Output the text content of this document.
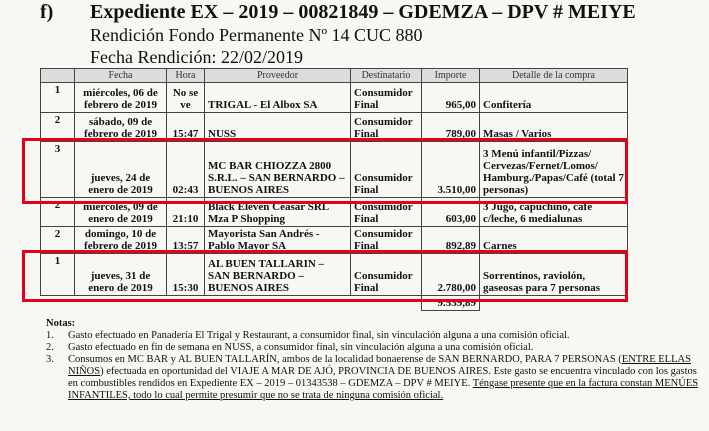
f) Expediente EX – 2019 – 00821849 – GDEMZA – DPV # MEIYE
Rendición Fondo Permanente Nº 14 CUC 880
Fecha Rendición: 22/02/2019
	Fecha	Hora	Proveedor	Destinatario	Importe	Detalle de la compra
1	miércoles, 06 de febrero de 2019	No se ve	TRIGAL - El Albox SA	Consumidor Final	965,00	Confitería
2	sábado, 09 de febrero de 2019	15:47	NUSS	Consumidor Final	789,00	Masas / Varios
3	jueves, 24 de enero de 2019	02:43	MC BAR CHIOZZA 2800 S.R.L. – SAN BERNARDO – BUENOS AIRES	Consumidor Final	3.510,00	3 Menú infantil/Pizzas/ Cervezas/Fernet/Lomos/ Hamburg./Papas/Café (total 7 personas)
2	miércoles, 09 de enero de 2019	21:10	Black Eleven Ceasar SRL Mza P Shopping	Consumidor Final	603,00	3 Jugo, capuchino, café c/leche, 6 medialunas
2	domingo, 10 de febrero de 2019	13:57	Mayorista San Andrés - Pablo Mayor SA	Consumidor Final	892,89	Carnes
1	jueves, 31 de enero de 2019	15:30	AL BUEN TALLARIN – SAN BERNARDO – BUENOS AIRES	Consumidor Final	2.780,00	Sorrentinos, raviolón, gaseosas para 7 personas
					9.539,89	
Notas:
1.	Gasto efectuado en Panadería El Trigal y Restaurant, a consumidor final, sin vinculación alguna a una comisión oficial.
2.	Gasto efectuado en fin de semana en NUSS, a consumidor final, sin vinculación alguna a una comisión oficial.
3.	Consumos en MC BAR y AL BUEN TALLARÍN, ambos de la localidad bonaerense de SAN BERNARDO, PARA 7 PERSONAS (ENTRE ELLAS NIÑOS) efectuada en oportunidad del VIAJE A MAR DE AJÓ, PROVINCIA DE BUENOS AIRES. Este gasto se encuentra vinculado con los gastos en combustibles rendidos en Expediente EX – 2019 – 01343538 – GDEMZA – DPV # MEIYE. Téngase presente que en la factura constan MENÚES INFANTILES, todo lo cual permite presumir que no se trata de ninguna comisión oficial.
